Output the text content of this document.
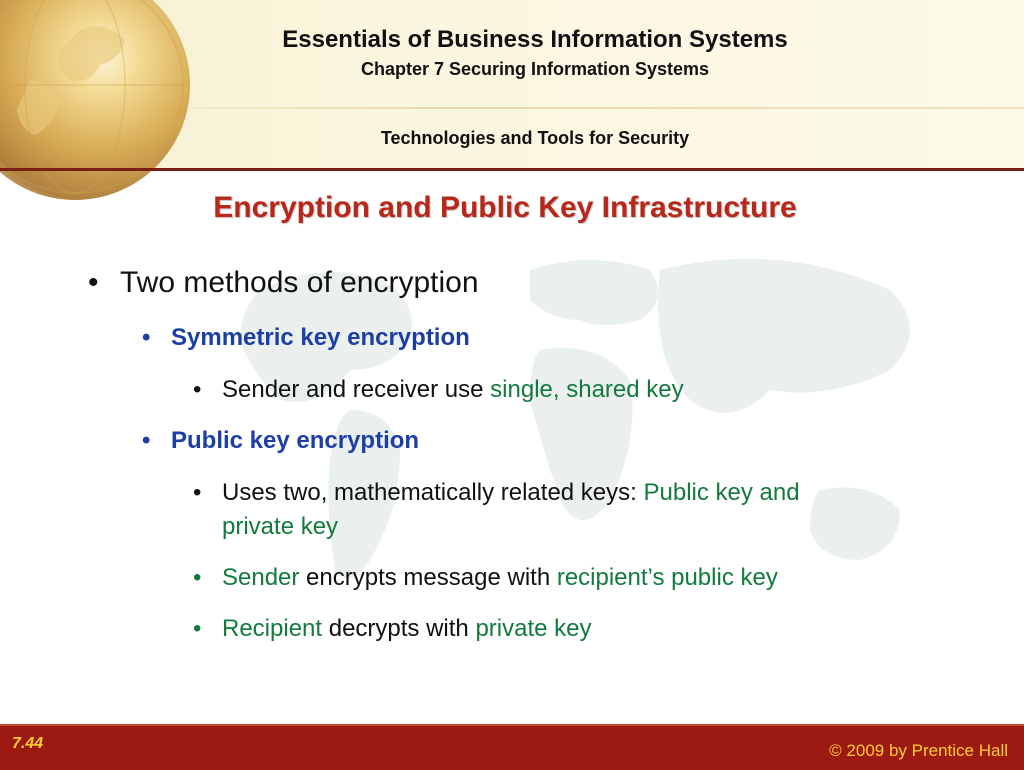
Essentials of Business Information Systems
Chapter 7 Securing Information Systems
Technologies and Tools for Security
Encryption and Public Key Infrastructure
• Two methods of encryption
• Symmetric key encryption
• Sender and receiver use single, shared key
• Public key encryption
• Uses two, mathematically related keys: Public key and
private key
• Sender encrypts message with recipient’s public key
• Recipient decrypts with private key
7.44	© 2009 by Prentice Hall
